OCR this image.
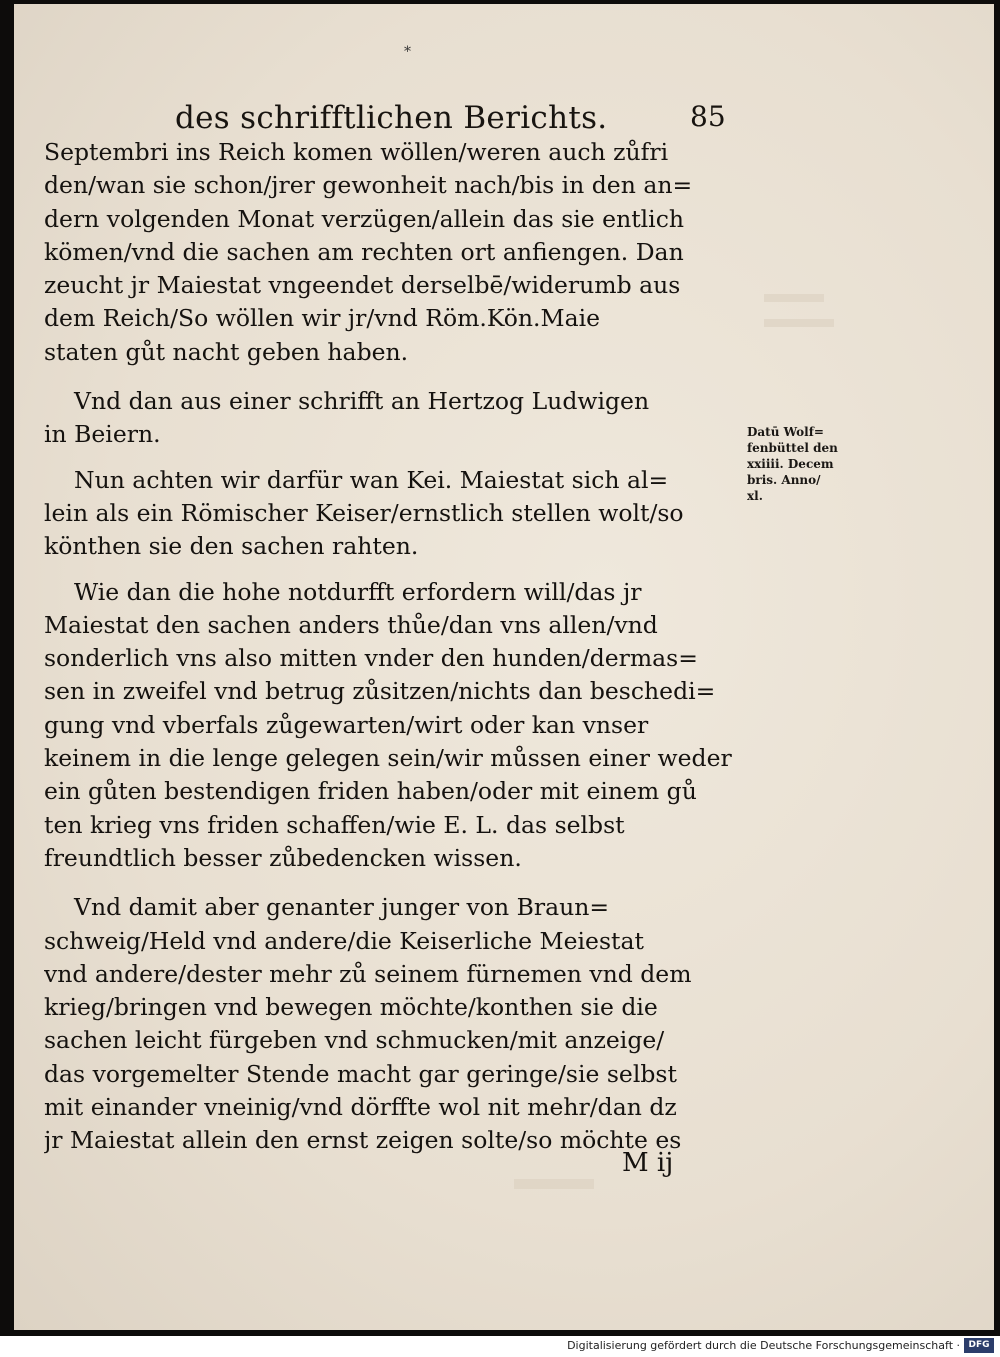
*
des schrifftlichen Berichts.	85
Septembri ins Reich komen wöllen/weren auch zůfri
den/wan sie schon/jrer gewonheit nach/bis in den an=
dern volgenden Monat verzügen/allein das sie entlich
kömen/vnd die sachen am rechten ort anfiengen. Dan
zeucht jr Maiestat vngeendet derselbē/widerumb aus
dem Reich/So wöllen wir jr/vnd Röm.Kön.Maie
staten gůt nacht geben haben.
Vnd dan aus einer schrifft an Hertzog Ludwigen
in Beiern.
Nun achten wir darfür wan Kei. Maiestat sich al=
lein als ein Römischer Keiser/ernstlich stellen wolt/so
könthen sie den sachen rahten.
Wie dan die hohe notdurfft erfordern will/das jr
Maiestat den sachen anders thůe/dan vns allen/vnd
sonderlich vns also mitten vnder den hunden/dermas=
sen in zweifel vnd betrug zůsitzen/nichts dan beschedi=
gung vnd vberfals zůgewarten/wirt oder kan vnser
keinem in die lenge gelegen sein/wir můssen einer weder
ein gůten bestendigen friden haben/oder mit einem gů
ten krieg vns friden schaffen/wie E. L. das selbst
freundtlich besser zůbedencken wissen.
Vnd damit aber genanter junger von Braun=
schweig/Held vnd andere/die Keiserliche Meiestat
vnd andere/dester mehr zů seinem fürnemen vnd dem
krieg/bringen vnd bewegen möchte/konthen sie die
sachen leicht fürgeben vnd schmucken/mit anzeige/
das vorgemelter Stende macht gar geringe/sie selbst
mit einander vneinig/vnd dörffte wol nit mehr/dan dz
jr Maiestat allein den ernst zeigen solte/so möchte es
Datū Wolf=
fenbüttel den
xxiiii. Decem
bris. Anno/
xl.
M ij
Digitalisierung gefördert durch die Deutsche Forschungsgemeinschaft · DFG
